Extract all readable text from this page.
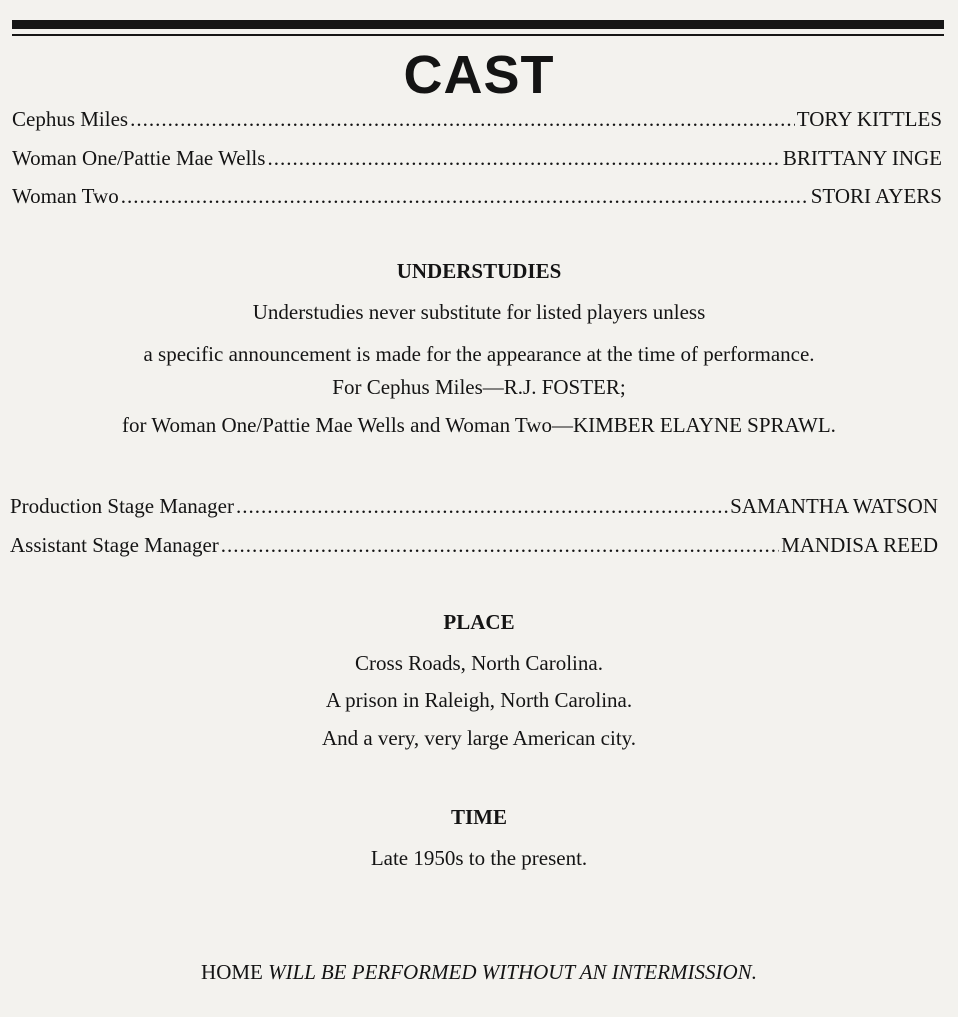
CAST
Cephus Miles .....	TORY KITTLES
Woman One/Pattie Mae Wells .....	BRITTANY INGE
Woman Two .....	STORI AYERS
UNDERSTUDIES
Understudies never substitute for listed players unless
a specific announcement is made for the appearance at the time of performance.
For Cephus Miles—R.J. FOSTER;
for Woman One/Pattie Mae Wells and Woman Two—KIMBER ELAYNE SPRAWL.
Production Stage Manager .....	SAMANTHA WATSON
Assistant Stage Manager .....	MANDISA REED
PLACE
Cross Roads, North Carolina.
A prison in Raleigh, North Carolina.
And a very, very large American city.
TIME
Late 1950s to the present.
HOME WILL BE PERFORMED WITHOUT AN INTERMISSION.
